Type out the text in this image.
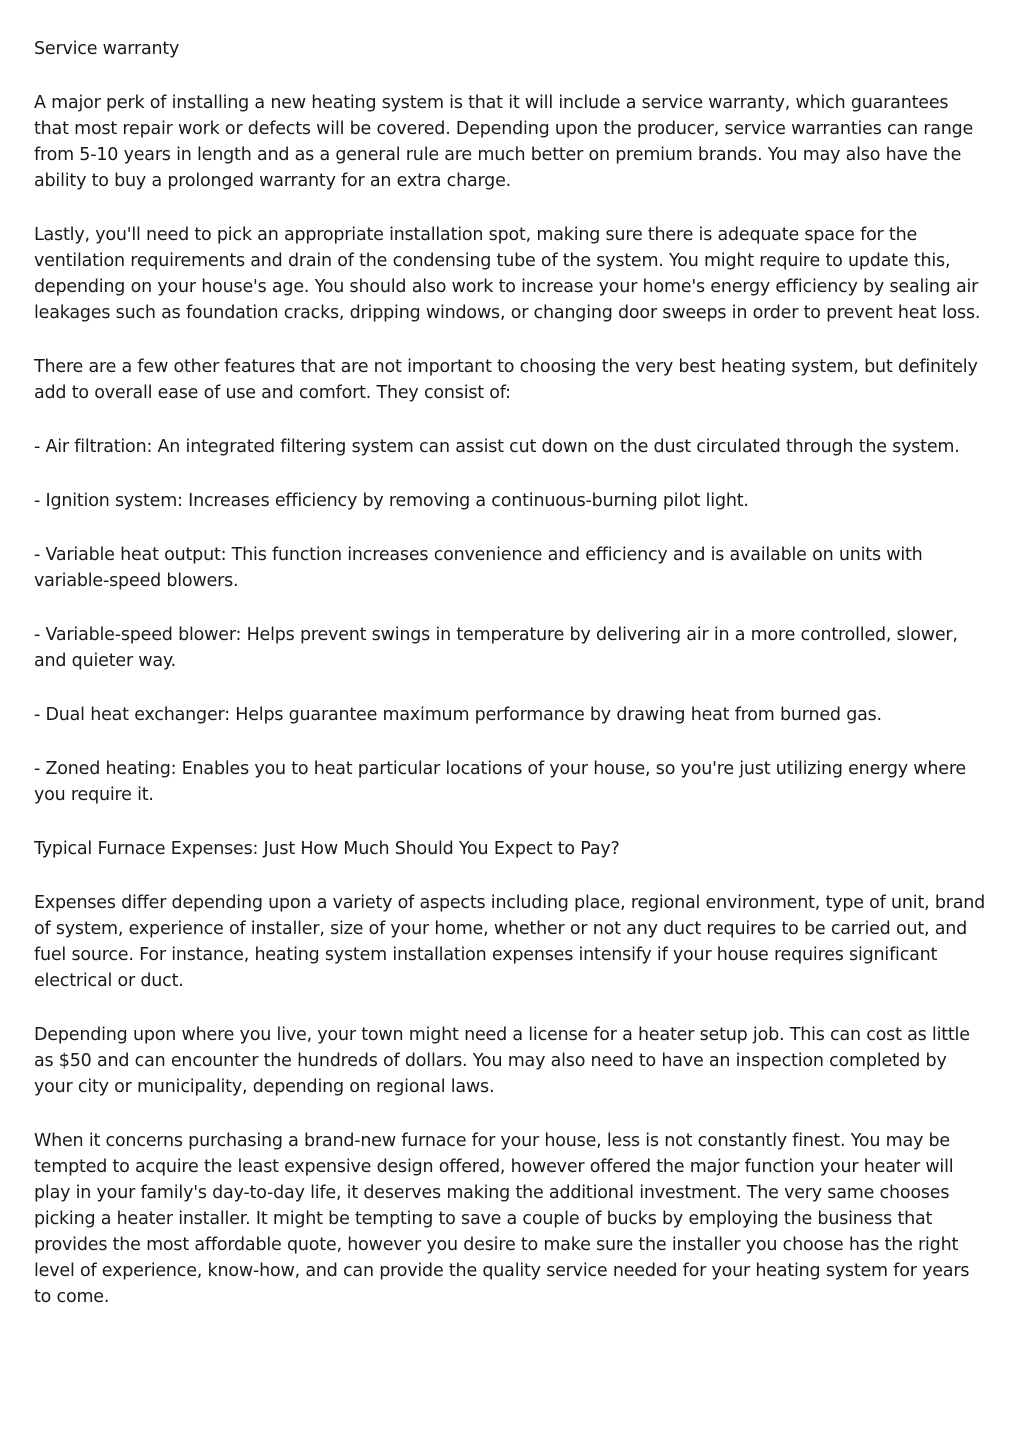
Service warranty

A major perk of installing a new heating system is that it will include a service warranty, which guarantees that most repair work or defects will be covered. Depending upon the producer, service warranties can range from 5-10 years in length and as a general rule are much better on premium brands. You may also have the ability to buy a prolonged warranty for an extra charge.

Lastly, you'll need to pick an appropriate installation spot, making sure there is adequate space for the ventilation requirements and drain of the condensing tube of the system. You might require to update this, depending on your house's age. You should also work to increase your home's energy efficiency by sealing air leakages such as foundation cracks, dripping windows, or changing door sweeps in order to prevent heat loss.

There are a few other features that are not important to choosing the very best heating system, but definitely add to overall ease of use and comfort. They consist of:

- Air filtration: An integrated filtering system can assist cut down on the dust circulated through the system.

- Ignition system: Increases efficiency by removing a continuous-burning pilot light.

- Variable heat output: This function increases convenience and efficiency and is available on units with variable-speed blowers.

- Variable-speed blower: Helps prevent swings in temperature by delivering air in a more controlled, slower, and quieter way.

- Dual heat exchanger: Helps guarantee maximum performance by drawing heat from burned gas.

- Zoned heating: Enables you to heat particular locations of your house, so you're just utilizing energy where you require it.

Typical Furnace Expenses: Just How Much Should You Expect to Pay?

Expenses differ depending upon a variety of aspects including place, regional environment, type of unit, brand of system, experience of installer, size of your home, whether or not any duct requires to be carried out, and fuel source. For instance, heating system installation expenses intensify if your house requires significant electrical or duct.

Depending upon where you live, your town might need a license for a heater setup job. This can cost as little as $50 and can encounter the hundreds of dollars. You may also need to have an inspection completed by your city or municipality, depending on regional laws.

When it concerns purchasing a brand-new furnace for your house, less is not constantly finest. You may be tempted to acquire the least expensive design offered, however offered the major function your heater will play in your family's day-to-day life, it deserves making the additional investment. The very same chooses picking a heater installer. It might be tempting to save a couple of bucks by employing the business that provides the most affordable quote, however you desire to make sure the installer you choose has the right level of experience, know-how, and can provide the quality service needed for your heating system for years to come.
